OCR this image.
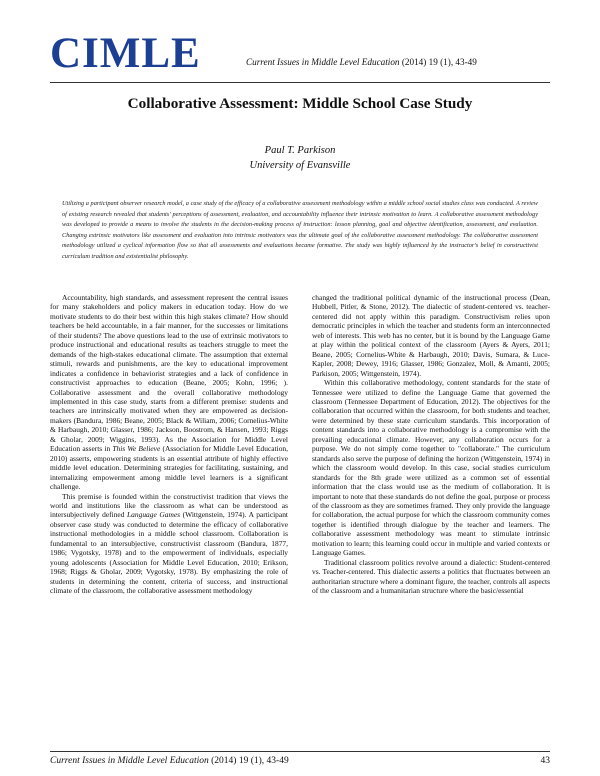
CIMLE	Current Issues in Middle Level Education (2014) 19 (1), 43-49
Collaborative Assessment: Middle School Case Study
Paul T. Parkison
University of Evansville
Utilizing a participant observer research model, a case study of the efficacy of a collaborative assessment methodology within a middle school social studies class was conducted. A review of existing research revealed that students' perceptions of assessment, evaluation, and accountability influence their intrinsic motivation to learn. A collaborative assessment methodology was developed to provide a means to involve the students in the decision-making process of instruction: lesson planning, goal and objective identification, assessment, and evaluation. Changing extrinsic motivators like assessment and evaluation into intrinsic motivators was the ultimate goal of the collaborative assessment methodology. The collaborative assessment methodology utilized a cyclical information flow so that all assessments and evaluations became formative. The study was highly influenced by the instructor's belief in constructivist curriculum tradition and existentialist philosophy.

Accountability, high standards, and assessment represent the central issues for many stakeholders and policy makers in education today. How do we motivate students to do their best within this high stakes climate? How should teachers be held accountable, in a fair manner, for the successes or limitations of their students? The above questions lead to the use of extrinsic motivators to produce instructional and educational results as teachers struggle to meet the demands of the high-stakes educational climate. The assumption that external stimuli, rewards and punishments, are the key to educational improvement indicates a confidence in behaviorist strategies and a lack of confidence in constructivist approaches to education (Beane, 2005; Kohn, 1996; ). Collaborative assessment and the overall collaborative methodology implemented in this case study, starts from a different premise: students and teachers are intrinsically motivated when they are empowered as decision-makers (Bandura, 1986; Beane, 2005; Black & Wiliam, 2006; Cornelius-White & Harbaugh, 2010; Glasser, 1986; Jackson, Boostrom, & Hansen, 1993; Riggs & Gholar, 2009; Wiggins, 1993). As the Association for Middle Level Education asserts in This We Believe (Association for Middle Level Education, 2010) asserts, empowering students is an essential attribute of highly effective middle level education. Determining strategies for facilitating, sustaining, and internalizing empowerment among middle level learners is a significant challenge.

This premise is founded within the constructivist tradition that views the world and institutions like the classroom as what can be understood as intersubjectively defined Language Games (Wittgenstein, 1974). A participant observer case study was conducted to determine the efficacy of collaborative instructional methodologies in a middle school classroom. Collaboration is fundamental to an intersubjective, constructivist classroom (Bandura, 1877, 1986; Vygotsky, 1978) and to the empowerment of individuals, especially young adolescents (Association for Middle Level Education, 2010; Erikson, 1968; Riggs & Gholar, 2009; Vygotsky, 1978). By emphasizing the role of students in determining the content, criteria of success, and instructional climate of the classroom, the collaborative assessment methodology

changed the traditional political dynamic of the instructional process (Dean, Hubbell, Pitler, & Stone, 2012). The dialectic of student-centered vs. teacher-centered did not apply within this paradigm. Constructivism relies upon democratic principles in which the teacher and students form an interconnected web of interests. This web has no center, but it is bound by the Language Game at play within the political context of the classroom (Ayers & Ayers, 2011; Beane, 2005; Cornelius-White & Harbaugh, 2010; Davis, Sumara, & Luce-Kapler, 2008; Dewey, 1916; Glasser, 1986; Gonzalez, Moll, & Amanti, 2005; Parkison, 2005; Wittgenstein, 1974).

Within this collaborative methodology, content standards for the state of Tennessee were utilized to define the Language Game that governed the classroom (Tennessee Department of Education, 2012). The objectives for the collaboration that occurred within the classroom, for both students and teacher, were determined by these state curriculum standards. This incorporation of content standards into a collaborative methodology is a compromise with the prevailing educational climate. However, any collaboration occurs for a purpose. We do not simply come together to "collaborate." The curriculum standards also serve the purpose of defining the horizon (Wittgenstein, 1974) in which the classroom would develop. In this case, social studies curriculum standards for the 8th grade were utilized as a common set of essential information that the class would use as the medium of collaboration. It is important to note that these standards do not define the goal, purpose or process of the classroom as they are sometimes framed. They only provide the language for collaboration, the actual purpose for which the classroom community comes together is identified through dialogue by the teacher and learners. The collaborative assessment methodology was meant to stimulate intrinsic motivation to learn; this learning could occur in multiple and varied contexts or Language Games.

Traditional classroom politics revolve around a dialectic: Student-centered vs. Teacher-centered. This dialectic asserts a politics that fluctuates between an authoritarian structure where a dominant figure, the teacher, controls all aspects of the classroom and a humanitarian structure where the basic/essential

Current Issues in Middle Level Education (2014) 19 (1), 43-49	43
